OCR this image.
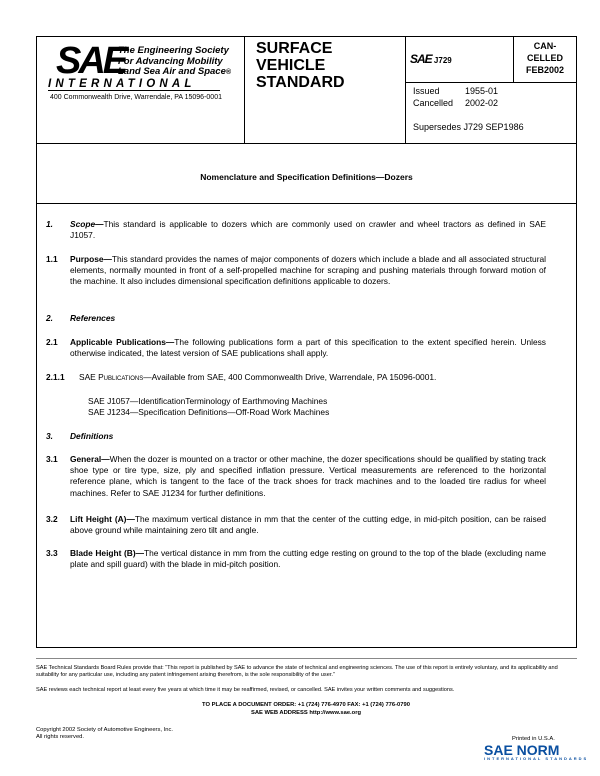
SAE
The Engineering Society
For Advancing Mobility
Land Sea Air and Space®
INTERNATIONAL
400 Commonwealth Drive, Warrendale, PA 15096-0001
SURFACE
VEHICLE
STANDARD
SAE J729
CAN-
CELLED
FEB2002
Issued	1955-01
Cancelled 2002-02
Supersedes J729 SEP1986
Nomenclature and Specification Definitions—Dozers
1. Scope—This standard is applicable to dozers which are commonly used on crawler and wheel tractors as defined in SAE J1057.
1.1 Purpose—This standard provides the names of major components of dozers which include a blade and all associated structural elements, normally mounted in front of a self-propelled machine for scraping and pushing materials through forward motion of the machine. It also includes dimensional specification definitions applicable to dozers.
2. References
2.1 Applicable Publications—The following publications form a part of this specification to the extent specified herein. Unless otherwise indicated, the latest version of SAE publications shall apply.
2.1.1 SAE Publications—Available from SAE, 400 Commonwealth Drive, Warrendale, PA 15096-0001.
SAE J1057—IdentificationTerminology of Earthmoving Machines
SAE J1234—Specification Definitions—Off-Road Work Machines
3. Definitions
3.1 General—When the dozer is mounted on a tractor or other machine, the dozer specifications should be qualified by stating track shoe type or tire type, size, ply and specified inflation pressure. Vertical measurements are referenced to the horizontal reference plane, which is tangent to the face of the track shoes for track machines and to the loaded tire radius for wheel machines. Refer to SAE J1234 for further definitions.
3.2 Lift Height (A)—The maximum vertical distance in mm that the center of the cutting edge, in mid-pitch position, can be raised above ground while maintaining zero tilt and angle.
3.3 Blade Height (B)—The vertical distance in mm from the cutting edge resting on ground to the top of the blade (excluding name plate and spill guard) with the blade in mid-pitch position.
SAE Technical Standards Board Rules provide that: “This report is published by SAE to advance the state of technical and engineering sciences. The use of this report is entirely voluntary, and its applicability and suitability for any particular use, including any patent infringement arising therefrom, is the sole responsibility of the user.”
SAE reviews each technical report at least every five years at which time it may be reaffirmed, revised, or cancelled. SAE invites your written comments and suggestions.
TO PLACE A DOCUMENT ORDER: +1 (724) 776-4970 FAX: +1 (724) 776-0790
SAE WEB ADDRESS http://www.sae.org
Copyright 2002 Society of Automotive Engineers, Inc.
All rights reserved.	Printed in U.S.A.
SAE NORM
INTERNATIONAL STANDARDS
